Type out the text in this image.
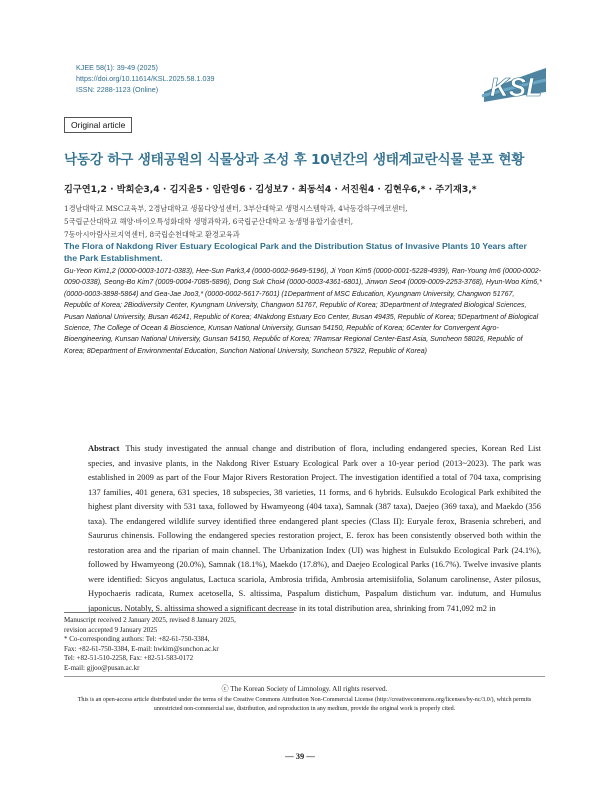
KJEE 58(1): 39-49 (2025)
https://doi.org/10.11614/KSL.2025.58.1.039
ISSN: 2288-1123 (Online)	KSL
Original article
낙동강 하구 생태공원의 식물상과 조성 후 10년간의 생태계교란식물 분포 현황
김구연1,2 · 박희순3,4 · 김지윤5 · 임란영6 · 김성보7 · 최동석4 · 서진원4 · 김현우6,* · 주기재3,*
1경남대학교 MSC교육부, 2경남대학교 생물다양성센터, 3부산대학교 생명시스템학과, 4낙동강하구에코센터,
5국립군산대학교 해양·바이오특성화대학 생명과학과, 6국립군산대학교 농생명융합기술센터,
7동아시아람사르지역센터, 8국립순천대학교 환경교육과
The Flora of Nakdong River Estuary Ecological Park and the Distribution Status of Invasive Plants 10 Years after the Park Establishment.
Gu-Yeon Kim1,2 (0000-0003-1071-0383), Hee-Sun Park3,4 (0000-0002-9649-5196), Ji Yoon Kim5 (0000-0001-5228-4939), Ran-Young Im6 (0000-0002-0090-0338), Seong-Bo Kim7 (0009-0004-7085-5896), Dong Suk Choi4 (0000-0003-4361-6801), Jinwon Seo4 (0009-0009-2253-3768), Hyun-Woo Kim6,* (0000-0003-3898-5864) and Gea-Jae Joo3,* (0000-0002-5617-7601) (1Department of MSC Education, Kyungnam University, Changwon 51767, Republic of Korea; 2Biodiversity Center, Kyungnam University, Changwon 51767, Republic of Korea; 3Department of Integrated Biological Sciences, Pusan National University, Busan 46241, Republic of Korea; 4Nakdong Estuary Eco Center, Busan 49435, Republic of Korea; 5Department of Biological Science, The College of Ocean & Bioscience, Kunsan National University, Gunsan 54150, Republic of Korea; 6Center for Convergent Agro-Bioengineering, Kunsan National University, Gunsan 54150, Republic of Korea; 7Ramsar Regional Center-East Asia, Suncheon 58026, Republic of Korea; 8Department of Environmental Education, Sunchon National University, Suncheon 57922, Republic of Korea)
Abstract This study investigated the annual change and distribution of flora, including endangered species, Korean Red List species, and invasive plants, in the Nakdong River Estuary Ecological Park over a 10-year period (2013~2023). The park was established in 2009 as part of the Four Major Rivers Restoration Project. The investigation identified a total of 704 taxa, comprising 137 families, 401 genera, 631 species, 18 subspecies, 38 varieties, 11 forms, and 6 hybrids. Eulsukdo Ecological Park exhibited the highest plant diversity with 531 taxa, followed by Hwamyeong (404 taxa), Samnak (387 taxa), Daejeo (369 taxa), and Maekdo (356 taxa). The endangered wildlife survey identified three endangered plant species (Class II): Euryale ferox, Brasenia schreberi, and Saururus chinensis. Following the endangered species restoration project, E. ferox has been consistently observed both within the restoration area and the riparian of main channel. The Urbanization Index (UI) was highest in Eulsukdo Ecological Park (24.1%), followed by Hwamyeong (20.0%), Samnak (18.1%), Maekdo (17.8%), and Daejeo Ecological Parks (16.7%). Twelve invasive plants were identified: Sicyos angulatus, Lactuca scariola, Ambrosia trifida, Ambrosia artemisiifolia, Solanum carolinense, Aster pilosus, Hypochaeris radicata, Rumex acetosella, S. altissima, Paspalum distichum, Paspalum distichum var. indutum, and Humulus japonicus. Notably, S. altissima showed a significant decrease in its total distribution area, shrinking from 741,092 m2 in
Manuscript received 2 January 2025, revised 8 January 2025,
revision accepted 9 January 2025
* Co-corresponding authors: Tel: +82-61-750-3384,
Fax: +82-61-750-3384, E-mail: hwkim@sunchon.ac.kr
Tel: +82-51-510-2258, Fax: +82-51-583-0172
E-mail: gjjoo@pusan.ac.kr
ⓒ The Korean Society of Limnology. All rights reserved.
This is an open-access article distributed under the terms of the Creative Commons Attribution Non-Commercial License (http://creativecommons.org/licenses/by-nc/3.0/), which permits unrestricted non-commercial use, distribution, and reproduction in any medium, provide the original work is properly cited.
— 39 —
